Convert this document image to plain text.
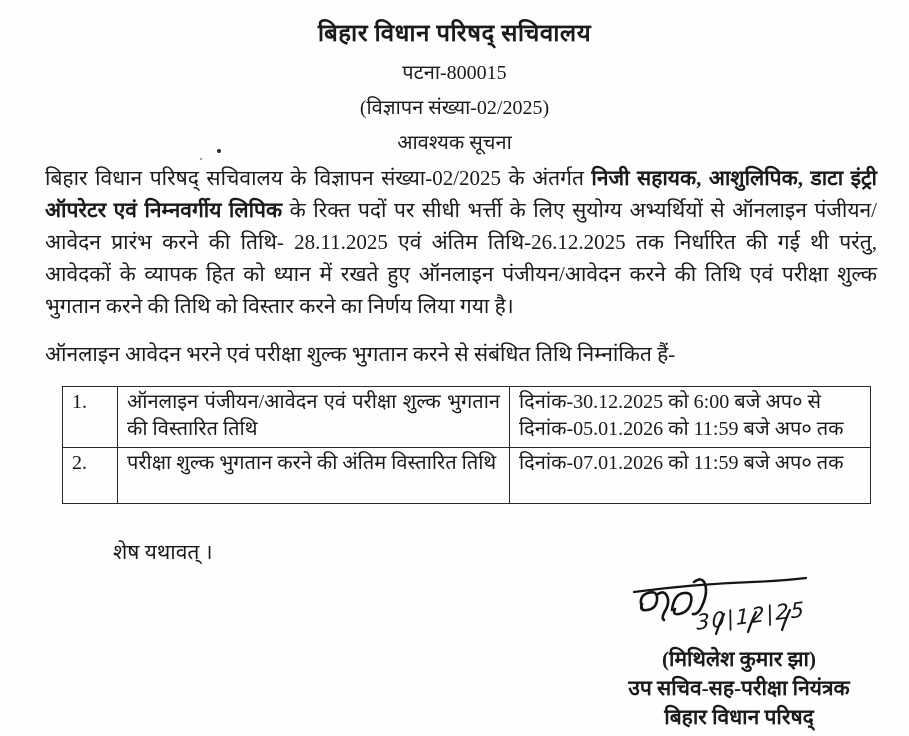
बिहार विधान परिषद् सचिवालय
पटना-800015
(विज्ञापन संख्या-02/2025)
आवश्यक सूचना
बिहार विधान परिषद् सचिवालय के विज्ञापन संख्या-02/2025 के अंतर्गत निजी सहायक, आशुलिपिक, डाटा इंट्री ऑपरेटर एवं निम्नवर्गीय लिपिक के रिक्त पदों पर सीधी भर्त्ती के लिए सुयोग्य अभ्यर्थियों से ऑनलाइन पंजीयन/आवेदन प्रारंभ करने की तिथि- 28.11.2025 एवं अंतिम तिथि-26.12.2025 तक निर्धारित की गई थी परंतु, आवेदकों के व्यापक हित को ध्यान में रखते हुए ऑनलाइन पंजीयन/आवेदन करने की तिथि एवं परीक्षा शुल्क भुगतान करने की तिथि को विस्तार करने का निर्णय लिया गया है।
ऑनलाइन आवेदन भरने एवं परीक्षा शुल्क भुगतान करने से संबंधित तिथि निम्नांकित हैं-
1.	ऑनलाइन पंजीयन/आवेदन एवं परीक्षा शुल्क भुगतान की विस्तारित तिथि	दिनांक-30.12.2025 को 6:00 बजे अप० से दिनांक-05.01.2026 को 11:59 बजे अप० तक
2.	परीक्षा शुल्क भुगतान करने की अंतिम विस्तारित तिथि	दिनांक-07.01.2026 को 11:59 बजे अप० तक
शेष यथावत् ।
30|12|25
(मिथिलेश कुमार झा)
उप सचिव-सह-परीक्षा नियंत्रक
बिहार विधान परिषद्
